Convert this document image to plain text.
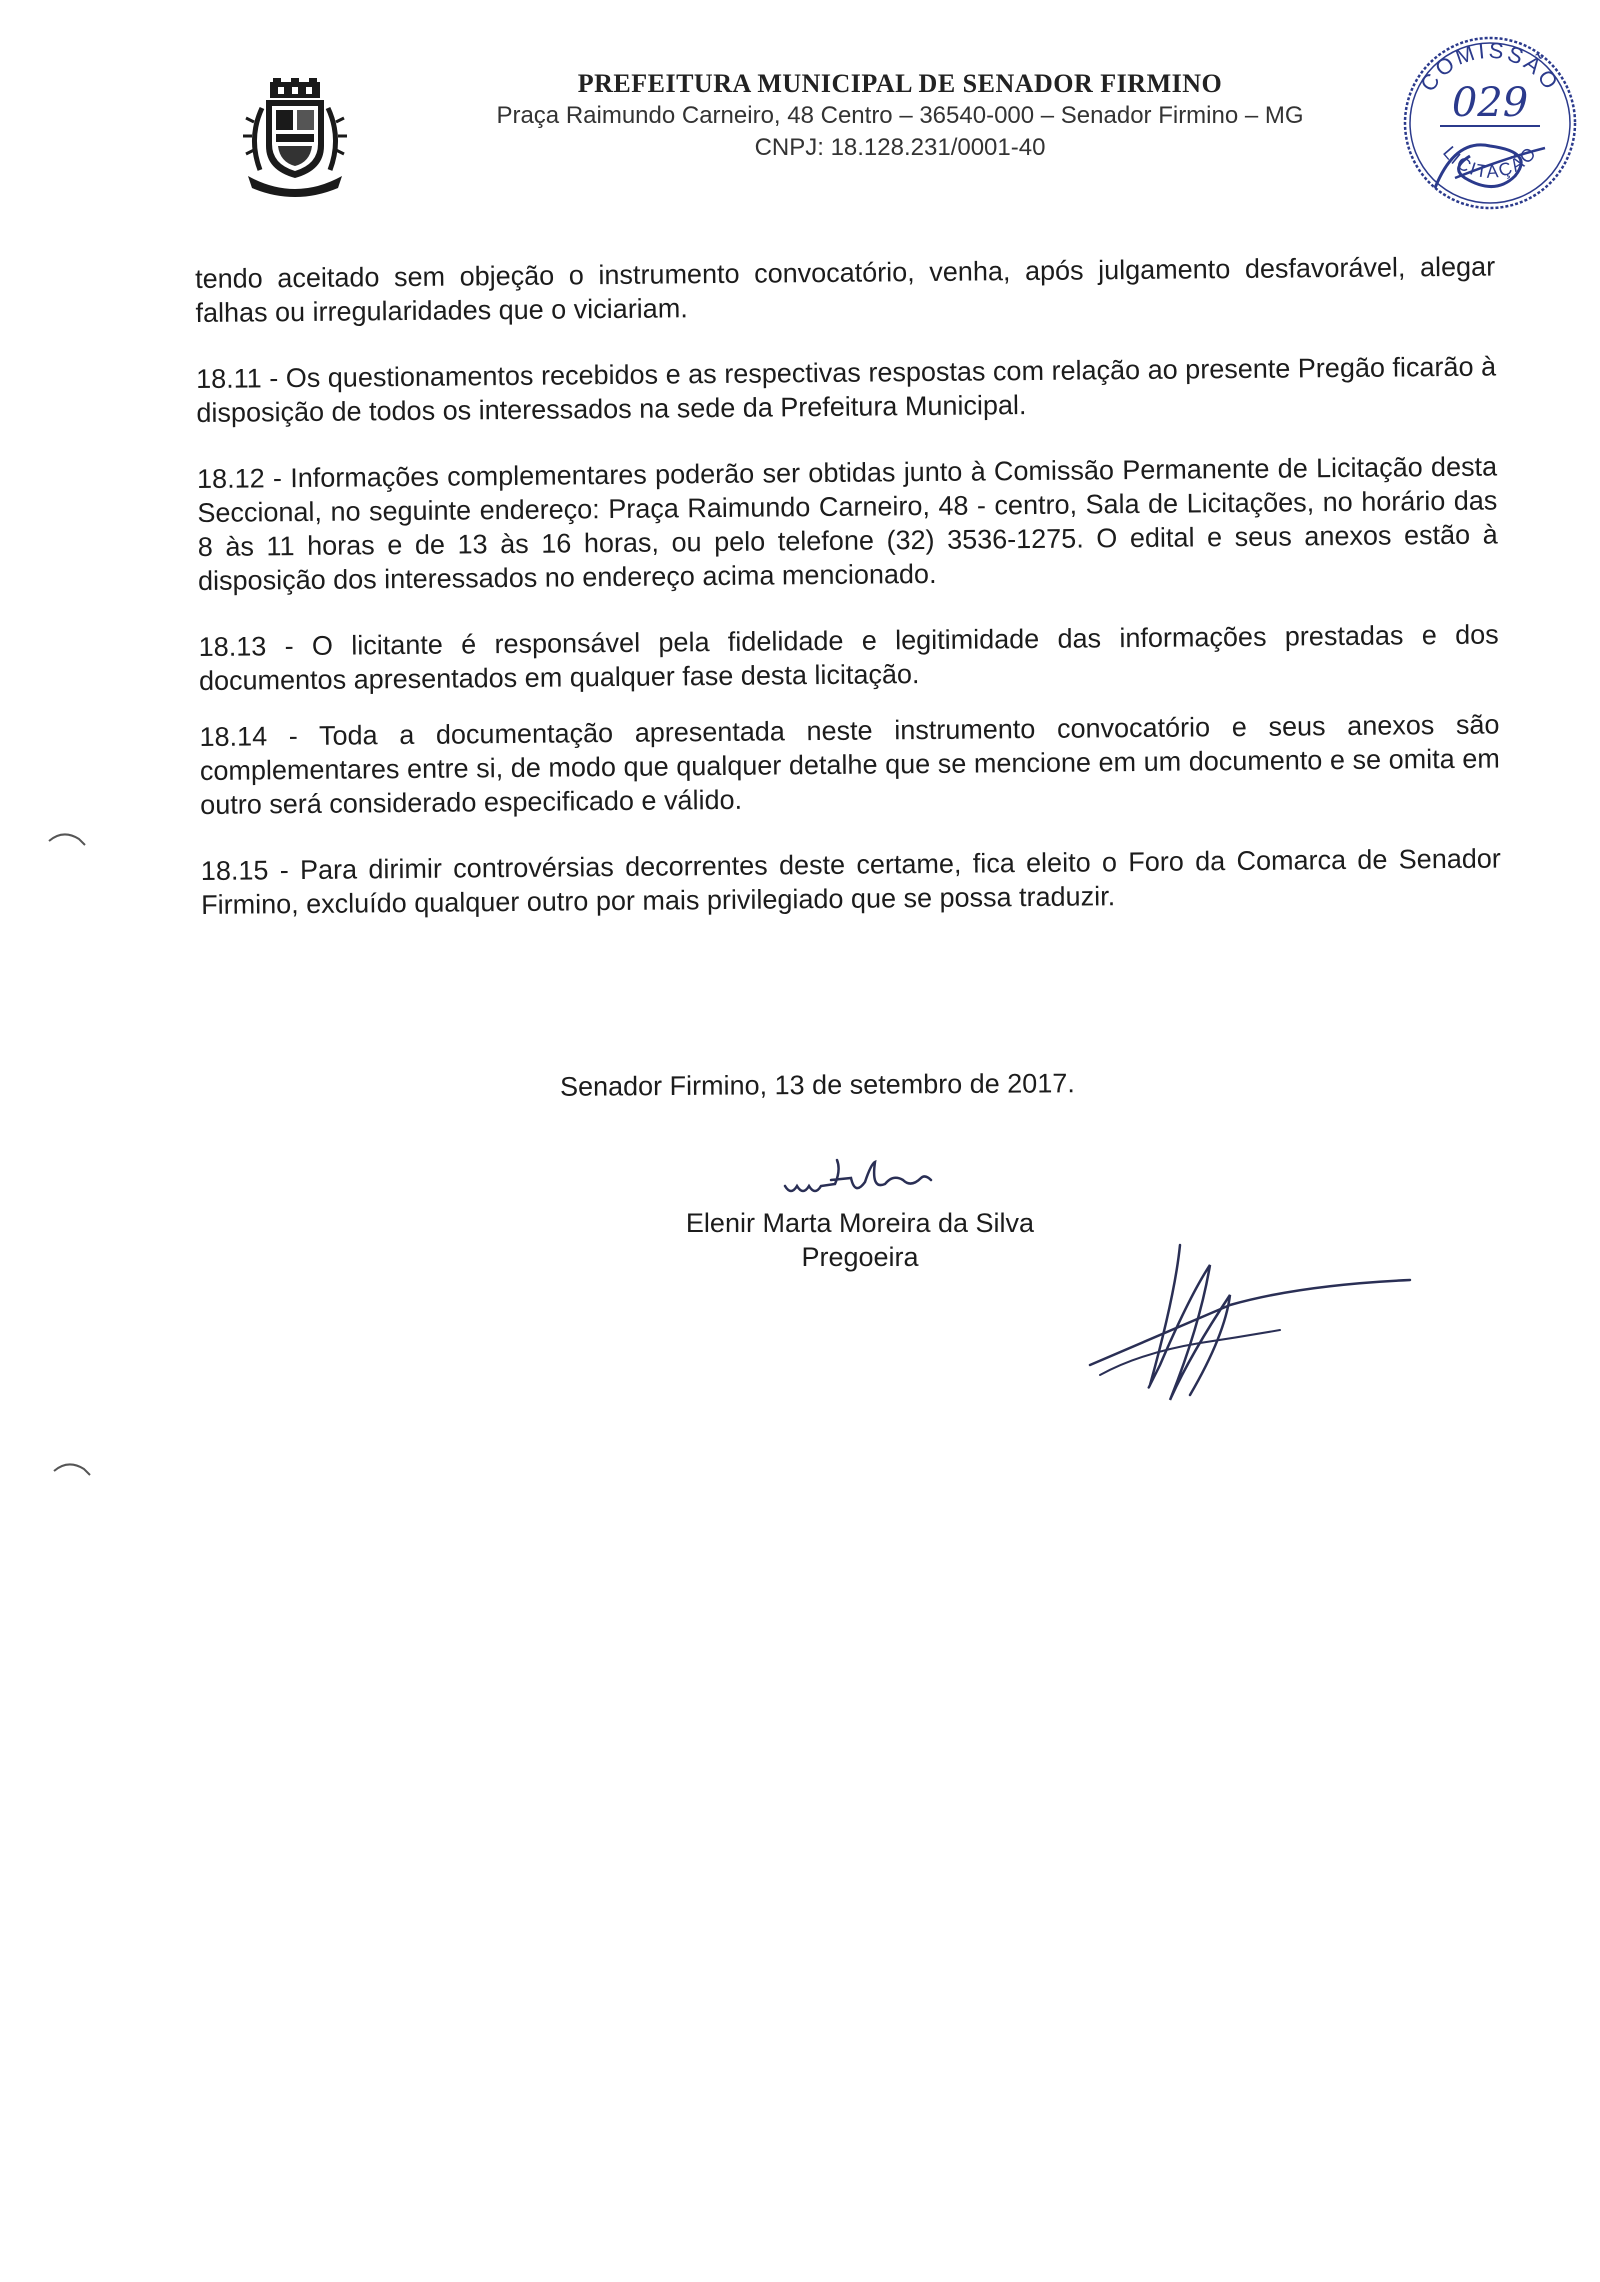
PREFEITURA MUNICIPAL DE SENADOR FIRMINO
Praça Raimundo Carneiro, 48 Centro – 36540-000 – Senador Firmino – MG
CNPJ: 18.128.231/0001-40
COMISSÃO
LICITAÇÃO
029

tendo aceitado sem objeção o instrumento convocatório, venha, após julgamento desfavorável, alegar falhas ou irregularidades que o viciariam.

18.11 - Os questionamentos recebidos e as respectivas respostas com relação ao presente Pregão ficarão à disposição de todos os interessados na sede da Prefeitura Municipal.

18.12 - Informações complementares poderão ser obtidas junto à Comissão Permanente de Licitação desta Seccional, no seguinte endereço: Praça Raimundo Carneiro, 48 - centro, Sala de Licitações, no horário das 8 às 11 horas e de 13 às 16 horas, ou pelo telefone (32) 3536-1275. O edital e seus anexos estão à disposição dos interessados no endereço acima mencionado.

18.13 - O licitante é responsável pela fidelidade e legitimidade das informações prestadas e dos documentos apresentados em qualquer fase desta licitação.

18.14 - Toda a documentação apresentada neste instrumento convocatório e seus anexos são complementares entre si, de modo que qualquer detalhe que se mencione em um documento e se omita em outro será considerado especificado e válido.

18.15 - Para dirimir controvérsias decorrentes deste certame, fica eleito o Foro da Comarca de Senador Firmino, excluído qualquer outro por mais privilegiado que se possa traduzir.

Senador Firmino, 13 de setembro de 2017.
Elenir Marta Moreira da Silva
Pregoeira
